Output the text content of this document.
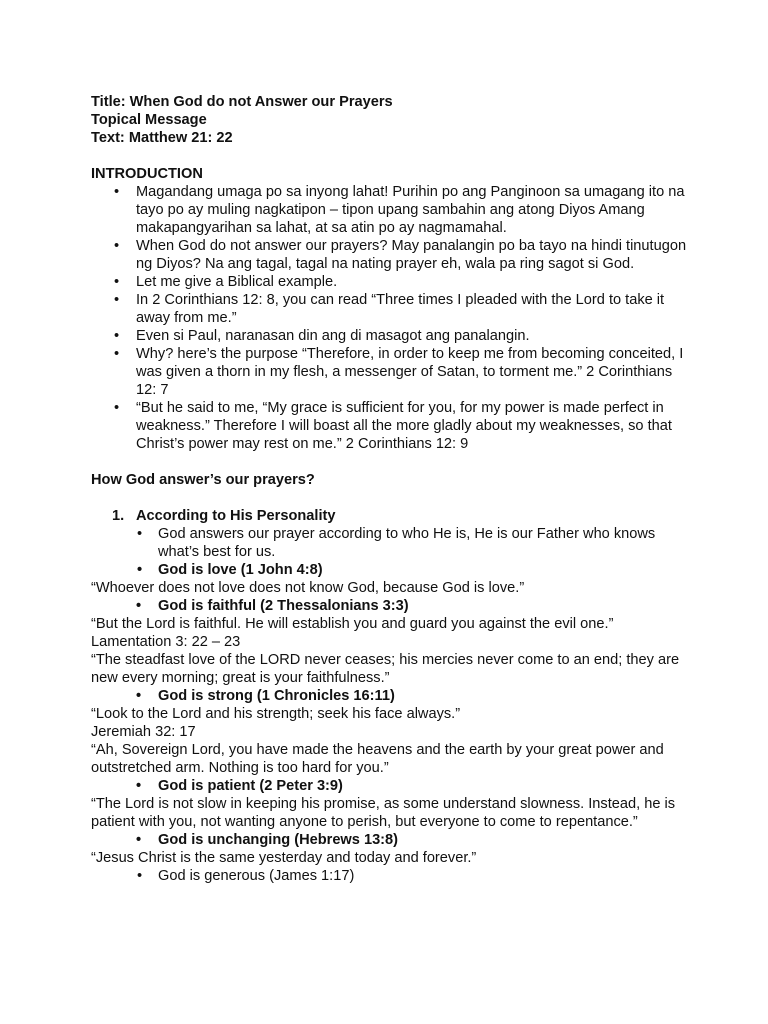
Title: When God do not Answer our Prayers
Topical Message
Text: Matthew 21: 22
INTRODUCTION
• Magandang umaga po sa inyong lahat! Purihin po ang Panginoon sa umagang ito na tayo po ay muling nagkatipon – tipon upang sambahin ang atong Diyos Amang makapangyarihan sa lahat, at sa atin po ay nagmamahal.
• When God do not answer our prayers? May panalangin po ba tayo na hindi tinutugon ng Diyos? Na ang tagal, tagal na nating prayer eh, wala pa ring sagot si God.
• Let me give a Biblical example.
• In 2 Corinthians 12: 8, you can read “Three times I pleaded with the Lord to take it away from me.”
• Even si Paul, naranasan din ang di masagot ang panalangin.
• Why? here’s the purpose “Therefore, in order to keep me from becoming conceited, I was given a thorn in my flesh, a messenger of Satan, to torment me.” 2 Corinthians 12: 7
• “But he said to me, “My grace is sufficient for you, for my power is made perfect in weakness.” Therefore I will boast all the more gladly about my weaknesses, so that Christ’s power may rest on me.” 2 Corinthians 12: 9
How God answer’s our prayers?
1. According to His Personality
• God answers our prayer according to who He is, He is our Father who knows what’s best for us.
• God is love (1 John 4:8)
“Whoever does not love does not know God, because God is love.”
• God is faithful (2 Thessalonians 3:3)
“But the Lord is faithful. He will establish you and guard you against the evil one.”
Lamentation 3: 22 – 23
“The steadfast love of the LORD never ceases; his mercies never come to an end; they are new every morning; great is your faithfulness.”
• God is strong (1 Chronicles 16:11)
“Look to the Lord and his strength; seek his face always.”
Jeremiah 32: 17
“Ah, Sovereign Lord, you have made the heavens and the earth by your great power and outstretched arm. Nothing is too hard for you.”
• God is patient (2 Peter 3:9)
“The Lord is not slow in keeping his promise, as some understand slowness. Instead, he is patient with you, not wanting anyone to perish, but everyone to come to repentance.”
• God is unchanging (Hebrews 13:8)
“Jesus Christ is the same yesterday and today and forever.”
• God is generous (James 1:17)
